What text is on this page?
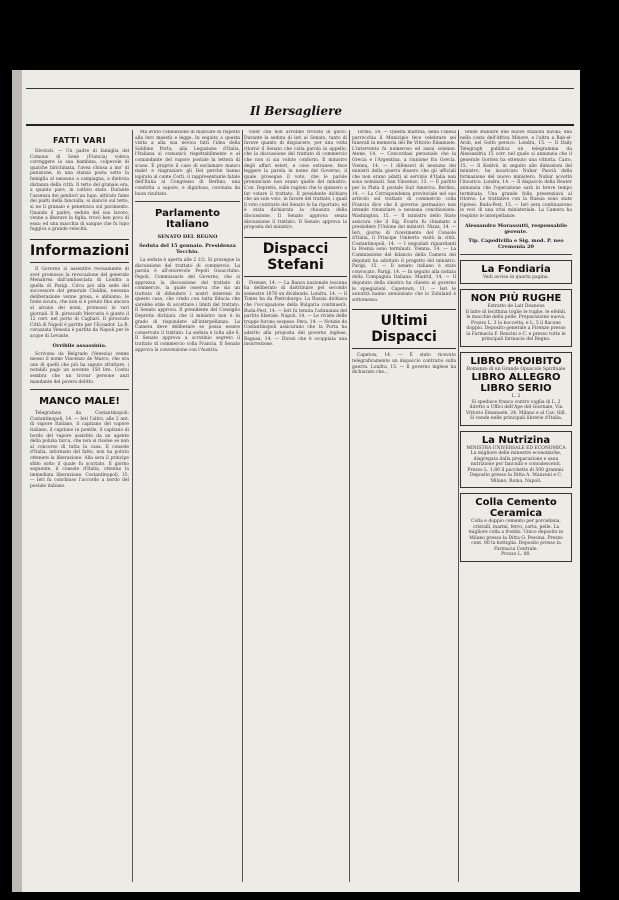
Il Bersagliere
FATTI VARI

Divorati. — Un padre di famiglia del Comune di Sené (Francia) voleva correggere la sua bambina, colpevole di qualche birichinata, l'avea chiusa a mo' di punizione, in una stanza posta sotto la famiglia al nessuno a campagna, a dietroia distanza della città. Il tetto del granaio era, a quanto pare, in cattivo stato. Durante l'assenza dei genitori un lupo, attirato fame dei piatti della fanciulla, si slanciò sul tetto, si ne li granaio e penetrava sul pavimento. Quando il padre, seduto del suo lavoro, venne a liberare la figlia, trovò ben poco di essa; ed una macchia di sangue che fu lupo fuggiva a grande velocità.

Informazioni

Il Governo si assentire recisamente di aver promosso la revocazione del generale Menabrea dall'ambasciata di Londra a quella di Parigi. Circa poi alla sede del successore del generale Cialdini, nessuna deliberazione venne presa, e abbiamo, le fonte sicura, che non si è potuto fino ancora al alcuno dei nomi, promossi in vari giornali. Il R. piroscafo Mercurio è giunto il 12 corr. nel porto di Cagliari. Il piroscafo Città di Napoli è partito per l'Ecuador. La R. corazzata Venezia è partita da Napoli per le acque di Levante.

Orribile assassinio.

Scrivono da Belgrado (Venezia) venne messo il nome Vincenzo de Marco, che era uno di quelli che più ha saputo sfruttare, i notabili pagò un sovente 150 lire. Costui sembra che un trovar persone anzi mandante del povero delitto.

MANCO MALE!

Telegrafano da Costantinopoli: Costantinopoli, 14. — Ieri l'altro, alle 2 ant. di vapore Italiano, il capitano del vapore italiano, il capitano in pontile, il capitano di bordo del vapore assistito da un agente della polizia turca, che non si risolse se non al concorso di tutta la casa. Il console d'Italia, informato del fatto, non ha potuto ottenere la liberazione. Alla sera il principe sfido sotto il quale fu scortato. Il giorno seguente, il console d'Italia, ottenne la immediata liberazione. Costantinopoli, 15. — Ieri fu conchiuso l'accordo a bordo del postale italiano.

Ma avuto l'obbiezione di mancare di rispetto alla loro maestà e legge. In seguito a questa visita a alla sua nevica fatti l'idea della Sublime Porta, alla Legazione d'Italia, l'Italiana si comunicò rispettabilmente e al comandante del vapore postale la lettera di scuse. È proprio il caso di esclamare manco male! e ringraziare gli Dei perchè hanno ispirato al conte Corti, il rappresentante fatale dell'Italia al Congresso di Berlino, una condotta a sapore, e dignitosa, coronata da buon risultato.

Parlamento Italiano

SENATO DEL REGNO

Seduta del 15 gennaio. Presidenza Tecchio.

La seduta è aperta alle 2 1/2. Si prosegue la discussione del trattato di commercio. La parola è all'onorevole Pepoli Gioacchino. Pepoli, Commissario del Governo, che si apprezza la discussione del trattato di commercio, la quale osserva che sia un trattato di difendere i nostri interessi in questo caso, che credo con tutta fiducia che sarebbe utile di accettare i limiti del trattato. Il Senato approva. Il presidente del Consiglio Depretis dichiara che il ministro non è in grado di rispondere all'interpellanza. La Camera deve deliberare se possa essere conservato il trattato. La seduta è tolta alle 6. Il Senato approva a scrutinio segreto il trattato di commercio colla Francia. Il Senato approva la convenzione con l'Austria.

voler che non avrebbe trovato in gioco. Durante la seduta di ieri al Senato, tanto di favore quanto di dispiacere, per una volta ritornò il Senato che colla parola in appello, che la discussione del trattato di commercio che non si sia voluto conforto. Il ministro degli affari esteri, e cose estranee, fece leggere la parola in nome del Governo, il quale prosegue il voto, che le parole pronunciate non erano quelle del ministro. L'on. Depretis, sulle ragioni che lo spinsero a far votare il trattato. Il presidente dichiara che un solo voto, in favore del trattato, i quali il voto contrario del Senato lo ha riportato, ed è stata dichiarata la chiusura della discussione. Il Senato approva senza discussione il trattato. Il Senato approva la proposta del ministro.

Dispacci Stefani

Firenze, 14. — La Banca nazionale toscana ha deliberato di distribuire pel secondo semestre 1878 un dividendo. Londra, 14. — Il Times ha da Pietroburgo: La Russia dichiara che l'occupazione della Bulgaria continuerà. Buda-Pest, 14. — Ieri fu tenuta l'adunanza del partito liberale. Napoli, 14. — Le riviste delle truppe furono sospese. Pera, 14. — Notizie da Costantinopoli assicurano che la Porta ha aderito alla proposta del governo inglese. Ragusa, 14. — Dicesi che è scoppiata una insurrezione.

Torino, 14. — Questa mattina, nella Chiesa parrocchia il Municipio fece celebrare sei funerali in memoria del Re Vittorio Emanuele. L'intervento fu numeroso ed assai solenne. Atene, 14. — Concordasi personale che la Grecia e l'Argentina, a riunione fra Grecia. Vienna, 14. — I difensori di nessuno dei ministri della guerra dissero che gli ufficiali che non erano adatti al servizio d'Italia non sono nominati. San Vincenzo, 13. — È partito per la Plata il postale Sud America. Berlino, 14. — La Corrispondenza provinciale nel suo articolo sul trattato di commercio colla Francia dice che il governo germanico non intende rinunziare a nessuna conchiusione. Washington, 15. — Il ministro dello Stato assicura che il Sig. Evarts fu chiamato a presiedere l'Unione dei ministri. Nizza, 14. — Ieri, giorno di ricevimento del Console d'Italia, il Principe Umberto visitò la città. Costantinopoli, 14. — I negoziati riguardanti la Bosnia sono terminati. Vienna, 14. — La Commissione del bilancio della Camera dei deputati ha adottato il progetto del ministro. Parigi, 15. — Il senato italiano è stato convocato. Parigi, 14. — In seguito alla notizia della Compagnia Italiana. Madrid, 14. — Il deputato della sinistra ha chiesto al governo le spiegazioni. Capetown, 11. — Ieri le autorità hanno annunziato che lo Zululand è sottomesso.

Ultimi Dispacci

Capetow, 14. — È stato ricevuto telegraficamente un dispaccio contrario sulla guerra. Londra, 15. — Il governo inglese ha dichiarato che...

tende stabilire due nuove stazioni navali; una nella costa dell'Africa Minore, e l'altra a Bab-el-Arab, nel Golfo persico. Londra, 15. — Il Daily Telegraph pubblica un telegramma da Alessandria 15 corr. nel quale si annunzia che il generale Gordon ha ottenuto una vittoria. Cairo, 15. — Il Kedivè, in seguito alle dimissioni del ministro, ha incaricato Nubar Pascià della formazione del nuovo ministero. Nubar accettò l'incarico. Londra, 14. — Il dispaccio della Reuter annunzia che l'operazione sarà in breve tempo terminata. Una grande folla presenziava al ritorno. Le trattative con la Russia sono state riprese. Buda-Pest, 15. — Ieri sera continuarono le voci di una crisi ministeriale. La Camera ha respinto le interpellanze.

Alessandro Morassutti, responsabile gerente.

Tip. Capodivilla e Sig. mod. P. neo Cremonia 20

La Fondiaria
Vedi avviso in quarta pagina.
NON PIÙ RUGHE
Estratto de Lait Deanous
Il latte di lecithina toglie le rughe, le efelidi, le macchie della pelle. Preparazione nuova. Prezzo L. 3 la boccetta, e L. 5 il flacone doppio. Deposito generale a Firenze presso la Farmacia F. Bencini e C. e presso tutte le principali farmacie del Regno.
LIBRO PROIBITO
Romanzo di un Grande Opuscolo Spirituale
LIBRO ALLEGRO
LIBRO SERIO
L. 2
Si spedisce franco contro vaglia di L. 2 diretto a Uffici dell'Ape del Giornale, Via Vittorio Emanuele, 24. Milano e al Cav. Gill. Si vende nelle principali librerie d'Italia.
La Nutrizina
MINISTRA UNIVERSALE ED ECONOMICA
La migliore delle minestre economiche, disgregata dalla preparazione e sana nutrizione per fanciulli e convalescenti. Prezzo L. 1,80 il pacchetto di 500 grammi. Deposito presso la Ditta A. Manzoni e C. Milano, Roma, Napoli.
Colla Cemento Ceramica
Colla e doppio cemento per porcellana, cristalli, marmi, ferro, carta, pelle. La migliore colla a freddo. Unico deposito in Milano presso la Ditta G. Pessina. Prezzo cent. 80 la bottiglia. Deposito presso la Farmacia Centrale.
Prezzo L. 80.
